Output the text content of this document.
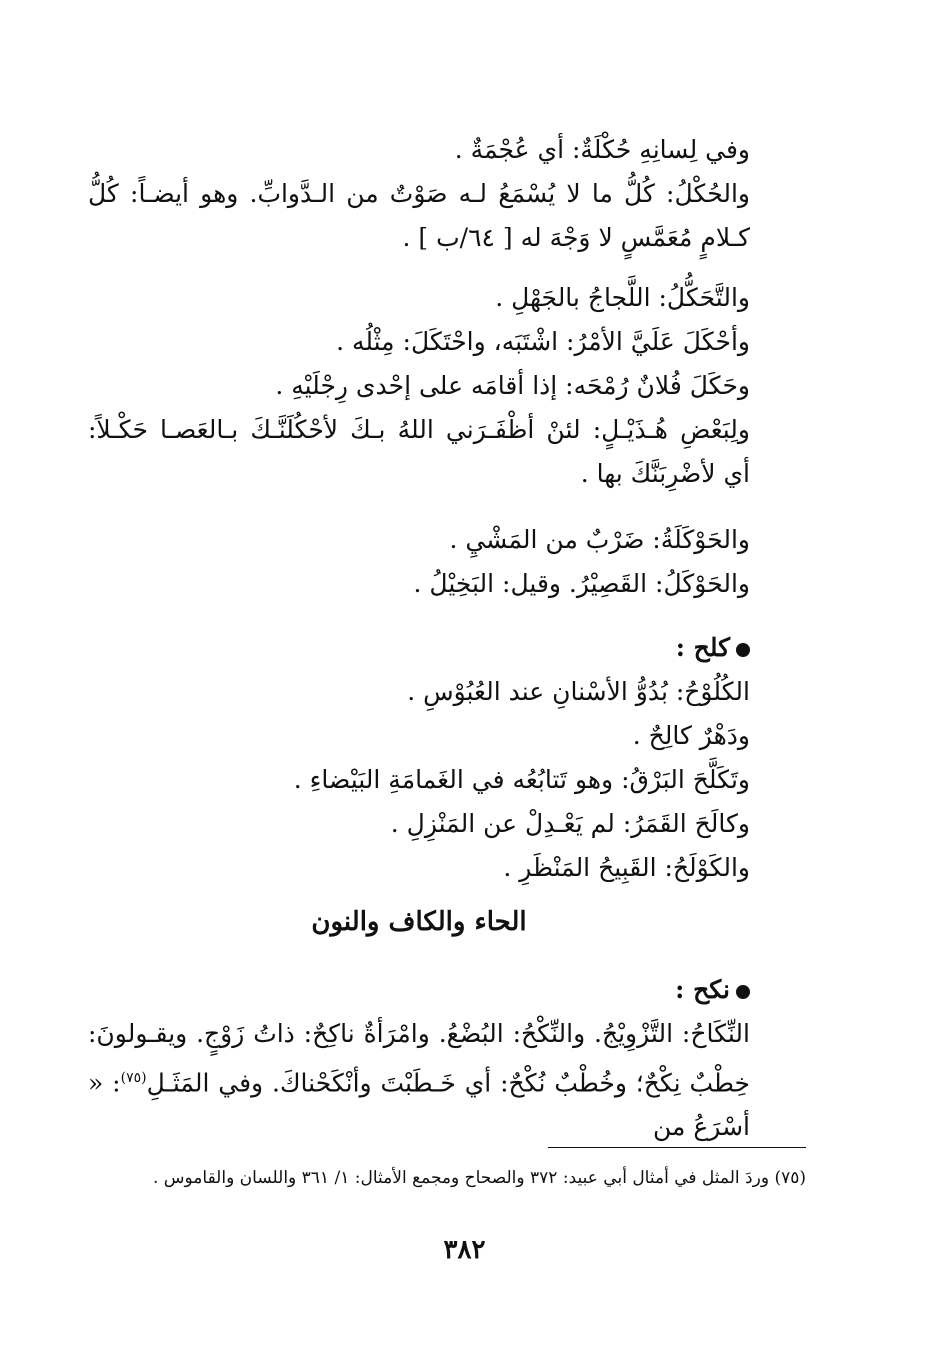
وفي لِسانِهِ حُكْلَةٌ: أي عُجْمَةٌ .
والحُكْلُ: كُلُّ ما لا يُسْمَعُ لـه صَوْتٌ من الـدَّوابِّ. وهو أيضـاً: كُلُّ كـلامٍ مُعَمَّسٍ لا وَجْهَ له [ ٦٤/ب ] .
والتَّحَكُّلُ: اللَّجاجُ بالجَهْلِ .
وأحْكَلَ عَلَيَّ الأمْرُ: اشْتَبَه، واحْتَكَلَ: مِثْلُه .
وحَكَلَ فُلانٌ رُمْحَه: إذا أقامَه على إحْدى رِجْلَيْهِ .
ولِبَعْضِ هُـذَيْـلٍ: لئنْ أظْفَـرَني اللهُ بـكَ لأحْكُلَنَّـكَ بـالعَصـا حَكْـلاً: أي لأضْرِبَنَّكَ بها .
والحَوْكَلَةُ: ضَرْبٌ من المَشْيِ .
والحَوْكَلُ: القَصِيْرُ. وقيل: البَخِيْلُ .
كلح :
الكُلُوْحُ: بُدُوُّ الأسْنانِ عند العُبُوْسِ .
ودَهْرٌ كالِحٌ .
وتَكَلَّحَ البَرْقُ: وهو تَتابُعُه في الغَمامَةِ البَيْضاءِ .
وكالَحَ القَمَرُ: لم يَعْـدِلْ عن المَنْزِلِ .
والكَوْلَحُ: القَبِيحُ المَنْظَرِ .
الحاء والكاف والنون
نكح :
النِّكَاحُ: التَّزْوِيْجُ. والنِّكْحُ: البُضْعُ. وامْرَأةٌ ناكِحٌ: ذاتُ زَوْجٍ. ويقـولونَ: خِطْبٌ نِكْحٌ؛ وخُطْبٌ نُكْحٌ: أي خَـطَبْتَ وأنْكَحْناكَ. وفي المَثَـلِ$^{(٧٥)}$: « أسْرَعُ من
(٧٥) وردَ المثل في أمثال أبي عبيد: ٣٧٢ والصحاح ومجمع الأمثال: ١/ ٣٦١ واللسان والقاموس .
٣٨٢
